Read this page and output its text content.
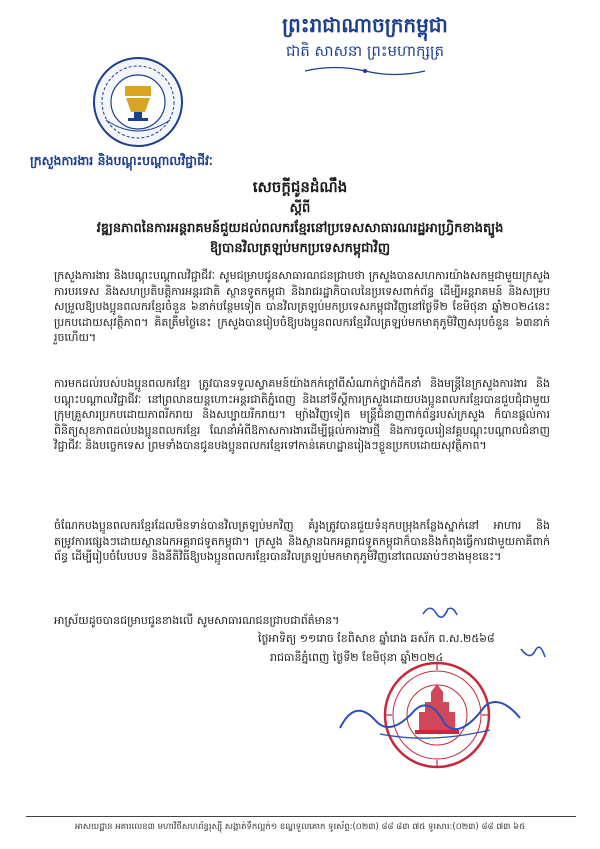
ព្រះរាជាណាចក្រកម្ពុជា
ជាតិ សាសនា ព្រះមហាក្សត្រ
ក្រសួងការងារ និងបណ្តុះបណ្តាលវិជ្ជាជីវៈ
សេចក្តីជូនដំណឹង
ស្តីពី
វឌ្ឍនភាពនៃការអន្តរាគមន៍ជួយដល់ពលករខ្មែរនៅប្រទេសសាធារណរដ្ឋអាហ្វ្រិកខាងត្បូង
ឱ្យបានវិលត្រឡប់មកប្រទេសកម្ពុជាវិញ
ក្រសួងការងារ និងបណ្តុះបណ្តាលវិជ្ជាជីវៈ សូមជម្រាបជូនសាធារណជនជ្រាបថា ក្រសួងបានសហការយ៉ាងសកម្មជាមួយក្រសួងការបរទេស និងសហប្រតិបត្តិការអន្តរជាតិ ស្ថានទូតកម្ពុជា និងរាជរដ្ឋាភិបាលនៃប្រទេសពាក់ព័ន្ធ ដើម្បីអន្តរាគមន៍ និងសម្របសម្រួលឱ្យបងប្អូនពលករខ្មែរចំនួន ៦នាក់បន្ថែមទៀត បានវិលត្រឡប់មកប្រទេសកម្ពុជាវិញនៅថ្ងៃទី២ ខែមិថុនា ឆ្នាំ២០២៤នេះ ប្រកបដោយសុវត្ថិភាព។ គិតត្រឹមថ្ងៃនេះ ក្រសួងបានរៀបចំឱ្យបងប្អូនពលករខ្មែរវិលត្រឡប់មកមាតុភូមិវិញសរុបចំនួន ៦៣នាក់រួចហើយ។
ការមកដល់របស់បងប្អូនពលករខ្មែរ ត្រូវបានទទួលស្វាគមន៍យ៉ាងកក់ក្តៅពីសំណាក់ថ្នាក់ដឹកនាំ និងមន្ត្រីនៃក្រសួងការងារ និងបណ្តុះបណ្តាលវិជ្ជាជីវៈ នៅព្រលានយន្តហោះអន្តរជាតិភ្នំពេញ និងនៅទីស្តីការក្រសួងដោយបងប្អូនពលករខ្មែរបានជួបជុំជាមួយក្រុមគ្រួសារប្រកបដោយភាពរីករាយ និងសប្បាយរីករាយ។ ម្យ៉ាងវិញទៀត មន្ត្រីជំនាញពាក់ព័ន្ធរបស់ក្រសួង ក៏បានផ្តល់ការពិនិត្យសុខភាពដល់បងប្អូនពលករខ្មែរ ណែនាំអំពីឱកាសការងារដើម្បីផ្តល់ការងារថ្មី និងការចូលរៀនវគ្គបណ្តុះបណ្តាលជំនាញវិជ្ជាជីវៈ និងបច្ចេកទេស ព្រមទាំងបានជូនបងប្អូនពលករខ្មែរទៅកាន់គេហដ្ឋានរៀងៗខ្លួនប្រកបដោយសុវត្ថិភាព។
ចំណែកបងប្អូនពលករខ្មែរដែលមិនទាន់បានវិលត្រឡប់មកវិញ គំរូងត្រូវបានជួយទំនុកបម្រុងកន្លែងស្នាក់នៅ អាហារ និងតម្រូវការផ្សេងៗដោយស្ថានឯកអគ្គរាជទូតកម្ពុជា។ ក្រសួង និងស្ថានឯកអគ្គរាជទូតកម្ពុជាក៏បាននិងកំពុងធ្វើការជាមួយភាគីពាក់ព័ន្ធ ដើម្បីរៀបចំបែបបទ និងនីតិវិធីឱ្យបងប្អូនពលករខ្មែរបានវិលត្រឡប់មកមាតុភូមិវិញនៅពេលឆាប់ៗខាងមុខនេះ។
អាស្រ័យដូចបានជម្រាបជូនខាងលើ សូមសាធារណជនជ្រាបជាព័ត៌មាន។
ថ្ងៃអាទិត្យ ១១រោច ខែពិសាខ ឆ្នាំរោង ឆស័ក ព.ស.២៥៦៨
រាជធានីភ្នំពេញ ថ្ងៃទី២ ខែមិថុនា ឆ្នាំ២០២៤
អាសយដ្ឋាន អគារលេខ៣ មហាវិថីសហព័ន្ធរុស្ស៊ី សង្កាត់ទឹកល្អក់១ ខណ្ឌទួលគោក ទូរស័ព្ទ:(០២៣) ៨៨ ៨៣ ៧៥ ទូរសារ:(០២៣) ៨៨ ៧៣ ៦៥
